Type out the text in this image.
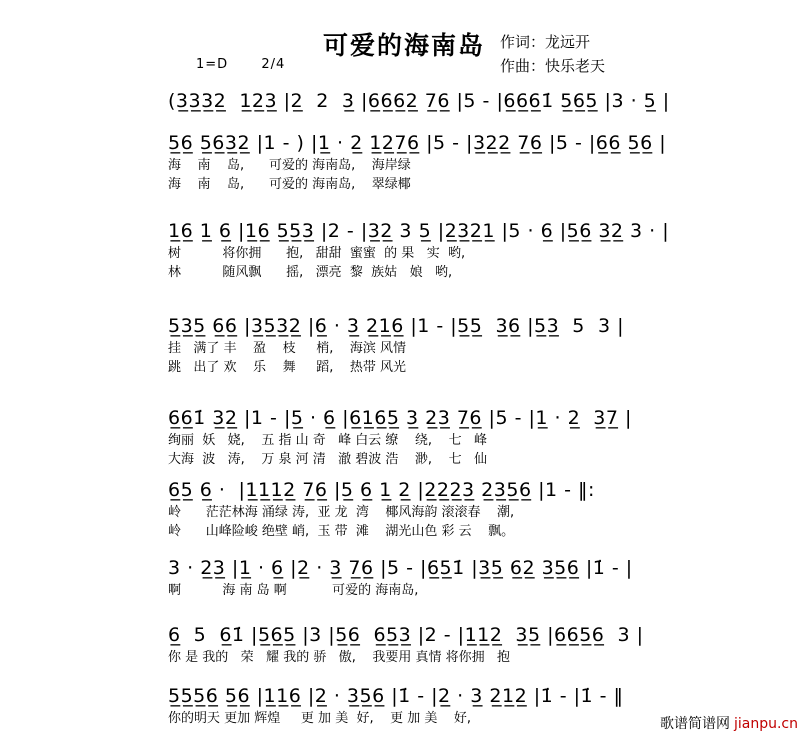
可爱的海南岛	作词：龙远开
作曲：快乐老天
1=D	2/4
(3̲3̲3̲2̲  1̲2̲3̲ |2̲  2  3̲ |6̲6̲6̲2̲ 7̲6̲ |5 - |6̲6̲6̲1̇ 5̲6̲5̲ |3 · 5̲ |
5̲6̲ 5̲6̲3̲2̲ |1 - ) |1̲ · 2̲ 1̲2̲7̲6̲ |5 - |3̲2̲2̲ 7̲6̲ |5 - |6̲6̲ 5̲6̲ |
海    南    岛,      可爱的 海南岛,    海岸绿
海    南    岛,      可爱的 海南岛,    翠绿椰
1̲6̲ 1̲ 6̲ |1̲6̲ 5̲5̲3̲ |2 - |3̲2̲ 3 5̲ |2̲3̲2̲1̲ |5 · 6̲ |5̲6̲ 3̲2̲ 3 · |
树          将你拥      抱,   甜甜  蜜蜜  的 果   实  哟,
林          随风飘      摇,   漂亮  黎  族姑   娘   哟,
5̲3̲5̲ 6̲6̲ |3̲5̲3̲2̲ |6̲ · 3̲ 2̲1̲6̲ |1 - |5̲5̲  3̲6̲ |5̲3̲  5  3 |
挂   满了 丰    盈    枝     梢,    海滨 风情
跳   出了 欢    乐    舞     蹈,    热带 风光
6̲6̲1̇ 3̲2̲ |1 - |5̲ · 6̲ |6̲1̲6̲5̲ 3̲ 2̲3̲ 7̲6̲ |5 - |1̲ · 2̲  3̲7̲ |
绚丽  妖   娆,    五 指 山 奇   峰 白云 缭    绕,    七   峰
大海  波   涛,    万 泉 河 清   澈 碧波 浩    渺,    七   仙
6̲5̲ 6̲ ·  |1̲1̲1̲2̲ 7̲6̲ |5̲ 6̲ 1̲ 2̲ |2̲2̲2̲3̲ 2̲3̲5̲6̲ |1 - ‖:
岭      茫茫林海 涌绿 涛,  亚 龙  湾    椰风海韵 滚滚春    潮,
岭      山峰险峻 绝壁 峭,  玉 带  滩    湖光山色 彩 云    飘。
3 · 2̲3̲ |1̲ · 6̲ |2̲ · 3̲ 7̲6̲ |5 - |6̲5̲1̇ |3̲5̲ 6̲2̲ 3̲5̲6̲ |1̇ - |
啊          海 南 岛 啊           可爱的 海南岛,
6̲  5  6̲1̇ |5̲6̲5̲ |3 |5̲6̲  6̲5̲3̲ |2 - |1̲1̲2̲  3̲5̲ |6̲6̲5̲6̲  3 |
你 是 我的   荣   耀 我的 骄   傲,    我要用 真情 将你拥   抱
5̲5̲5̲6̲ 5̲6̲ |1̲1̲6̲ |2̲ · 3̲5̲6̲ |1̇ - |2̲ · 3̲ 2̲1̲2̲ |1̇ - |1̇ - ‖
你的明天 更加 辉煌     更 加 美  好,    更 加 美    好,	歌谱简谱网 jianpu.cn
